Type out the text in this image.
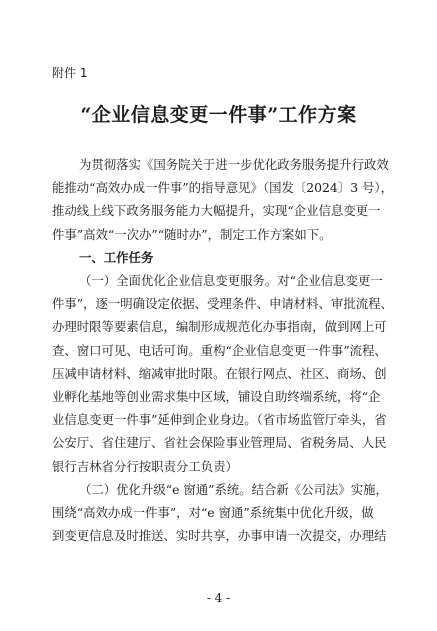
附件 1
“企业信息变更一件事”工作方案
为贯彻落实《国务院关于进一步优化政务服务提升行政效
能推动“高效办成一件事”的指导意见》（国发〔2024〕3 号），
推动线上线下政务服务能力大幅提升，实现“企业信息变更一
件事”高效“一次办”“随时办”，制定工作方案如下。
一、工作任务
（一）全面优化企业信息变更服务。对“企业信息变更一
件事”，逐一明确设定依据、受理条件、申请材料、审批流程、
办理时限等要素信息，编制形成规范化办事指南，做到网上可
查、窗口可见、电话可询。重构“企业信息变更一件事”流程、
压减申请材料、缩减审批时限。在银行网点、社区、商场、创
业孵化基地等创业需求集中区域，铺设自助终端系统，将“企
业信息变更一件事”延伸到企业身边。（省市场监管厅牵头，省
公安厅、省住建厅、省社会保险事业管理局、省税务局、人民
银行吉林省分行按职责分工负责）
（二）优化升级“e 窗通”系统。结合新《公司法》实施，
围绕“高效办成一件事”，对“e 窗通”系统集中优化升级，做
到变更信息及时推送、实时共享，办事申请一次提交，办理结
- 4 -
